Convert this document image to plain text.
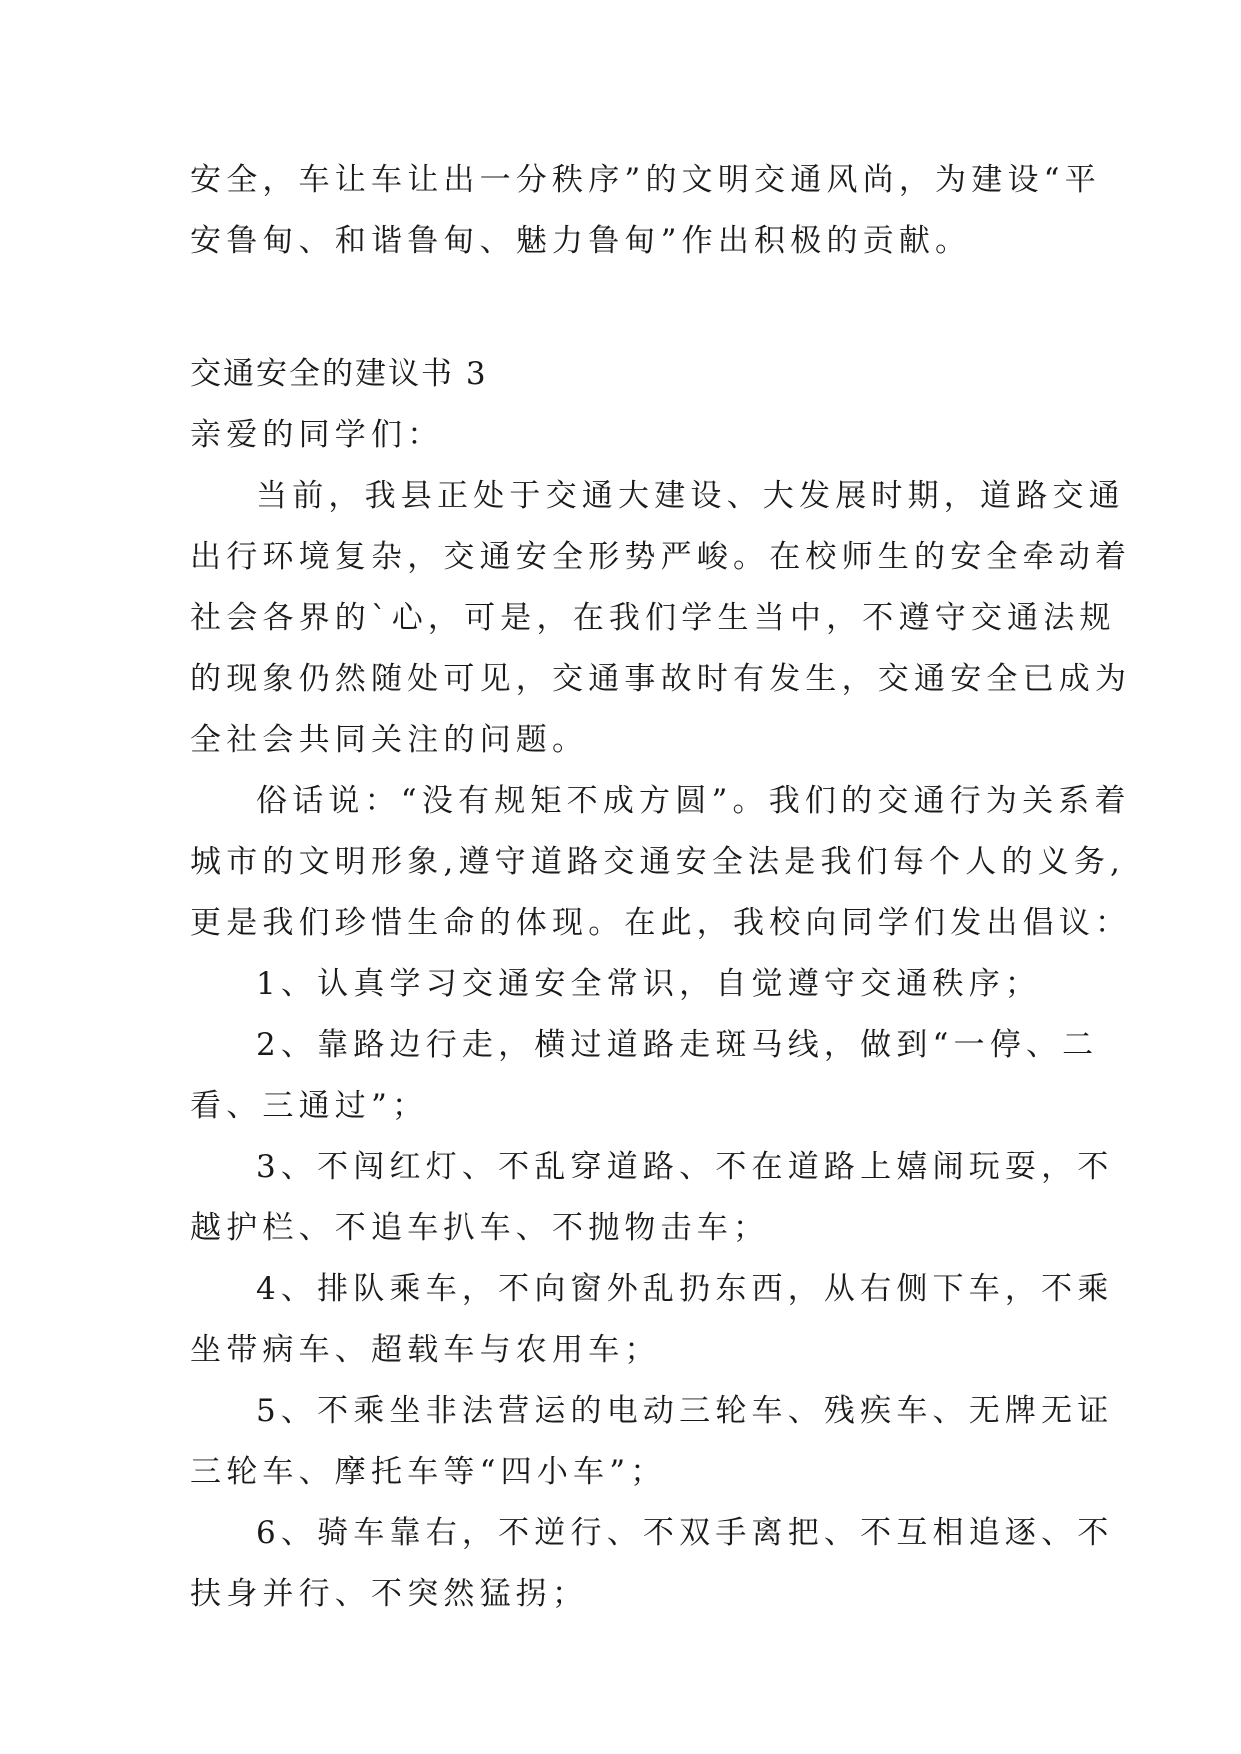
安全，车让车让出一分秩序”的文明交通风尚，为建设“平
安鲁甸、和谐鲁甸、魅力鲁甸”作出积极的贡献。
交通安全的建议书 3
亲爱的同学们：
当前，我县正处于交通大建设、大发展时期，道路交通
出行环境复杂，交通安全形势严峻。在校师生的安全牵动着
社会各界的`心，可是，在我们学生当中，不遵守交通法规
的现象仍然随处可见，交通事故时有发生，交通安全已成为
全社会共同关注的问题。
俗话说：“没有规矩不成方圆”。我们的交通行为关系着
城市的文明形象,遵守道路交通安全法是我们每个人的义务,
更是我们珍惜生命的体现。在此，我校向同学们发出倡议：
1、认真学习交通安全常识，自觉遵守交通秩序；
2、靠路边行走，横过道路走斑马线，做到“一停、二
看、三通过”；
3、不闯红灯、不乱穿道路、不在道路上嬉闹玩耍，不
越护栏、不追车扒车、不抛物击车；
4、排队乘车，不向窗外乱扔东西，从右侧下车，不乘
坐带病车、超载车与农用车；
5、不乘坐非法营运的电动三轮车、残疾车、无牌无证
三轮车、摩托车等“四小车”；
6、骑车靠右，不逆行、不双手离把、不互相追逐、不
扶身并行、不突然猛拐；
